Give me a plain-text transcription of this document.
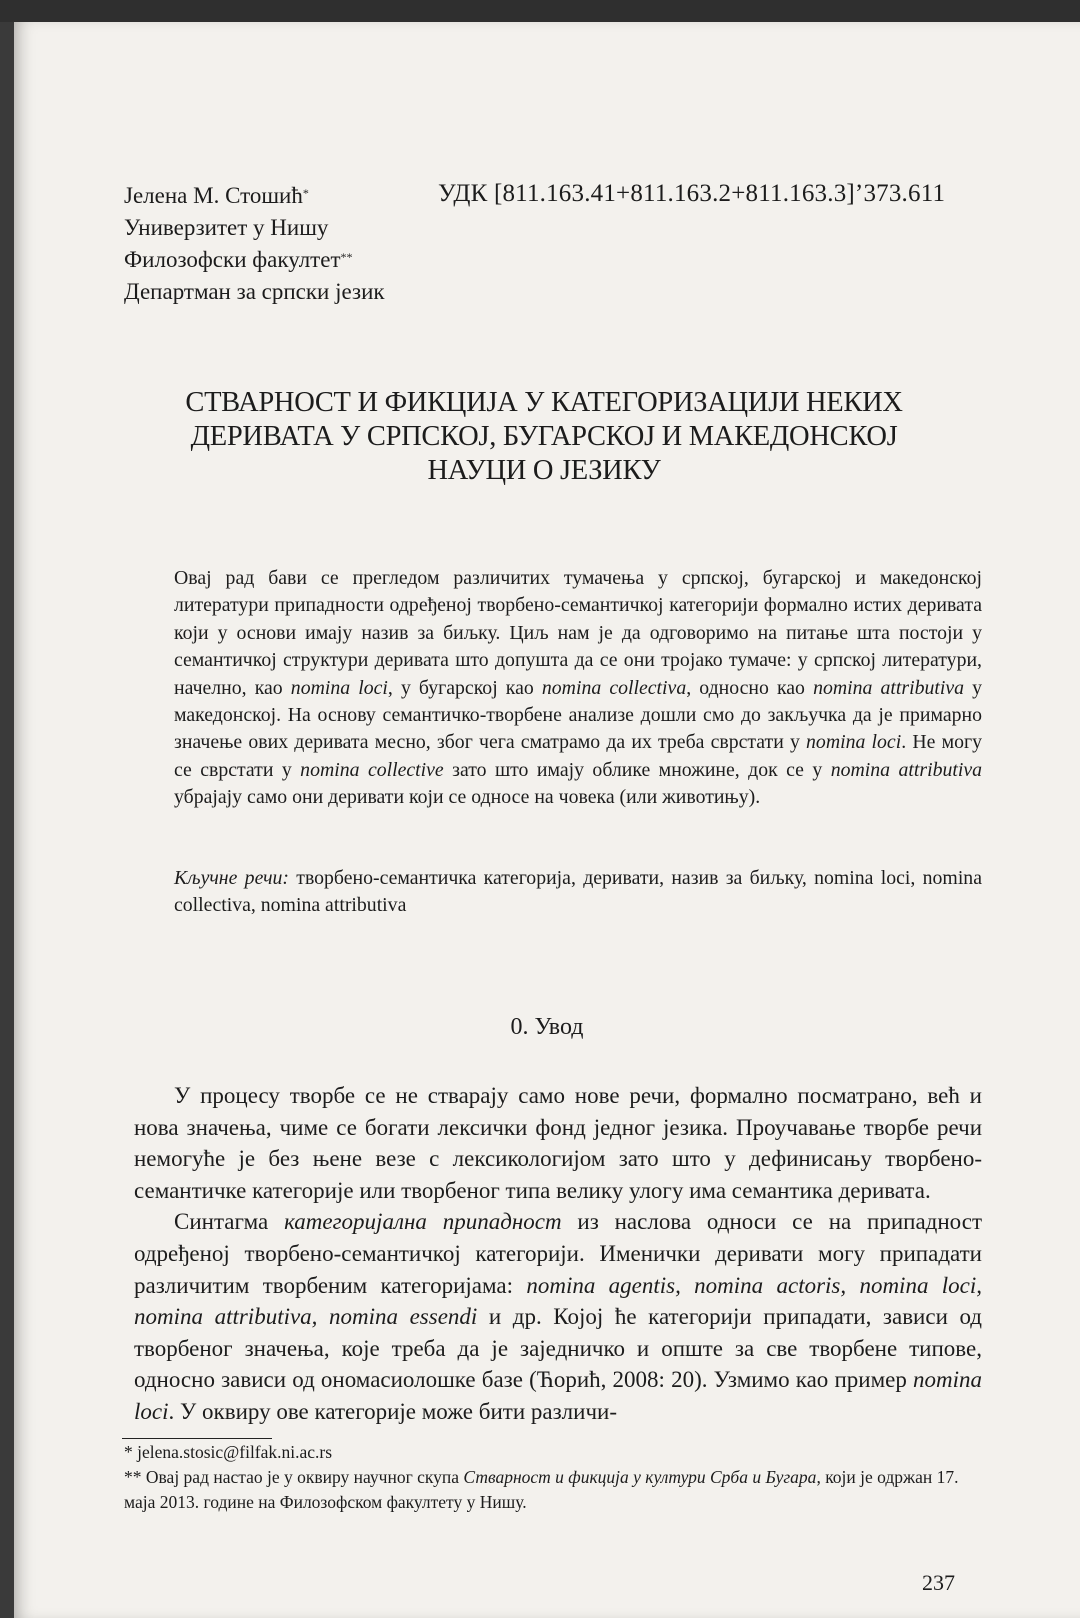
Јелена М. Стошић*
Универзитет у Нишу
Филозофски факултет**
Департман за српски језик
УДК [811.163.41+811.163.2+811.163.3]’373.611
СТВАРНОСТ И ФИКЦИЈА У КАТЕГОРИЗАЦИЈИ НЕКИХ
ДЕРИВАТА У СРПСКОЈ, БУГАРСКОЈ И МАКЕДОНСКОЈ
НАУЦИ О ЈЕЗИКУ

Овај рад бави се прегледом различитих тумачења у српској, бугарској и македонској литератури припадности одређеној творбено-семантичкој категорији формално истих деривата који у основи имају назив за биљку. Циљ нам је да одговоримо на питање шта постоји у семантичкој структури деривата што допушта да се они тројако тумаче: у српској литератури, начелно, као nomina loci, у бугарској као nomina collectiva, односно као nomina attributiva у македонској. На основу семантичко-творбене анализе дошли смо до закључка да је примарно значење ових деривата месно, због чега сматрамо да их треба сврстати у nomina loci. Не могу се сврстати у nomina collective зато што имају облике множине, док се у nomina attributiva убрајају само они деривати који се односе на човека (или животињу).

Кључне речи: творбено-семантичка категорија, деривати, назив за биљку, nomina loci, nomina collectiva, nomina attributiva
0. Увод

У процесу творбе се не стварају само нове речи, формално посматрано, већ и нова значења, чиме се богати лексички фонд једног језика. Проучавање творбе речи немогуће је без њене везе с лексикологијом зато што у дефинисању творбено-семантичке категорије или творбеног типа велику улогу има семантика деривата.

Синтагма категоријална припадност из наслова односи се на припадност одређеној творбено-семантичкој категорији. Именички деривати могу припадати различитим творбеним категоријама: nomina agentis, nomina actoris, nomina loci, nomina attributiva, nomina essendi и др. Којој ће категорији припадати, зависи од творбеног значења, које треба да је заједничко и опште за све творбене типове, односно зависи од ономасиолошке базе (Ћорић, 2008: 20). Узмимо као пример nomina loci. У оквиру ове категорије може бити различи-

* jelena.stosic@filfak.ni.ac.rs
** Овај рад настао је у оквиру научног скупа Стварност и фикција у култури Срба и Бугара, који је одржан 17. маја 2013. године на Филозофском факултету у Нишу.
237
